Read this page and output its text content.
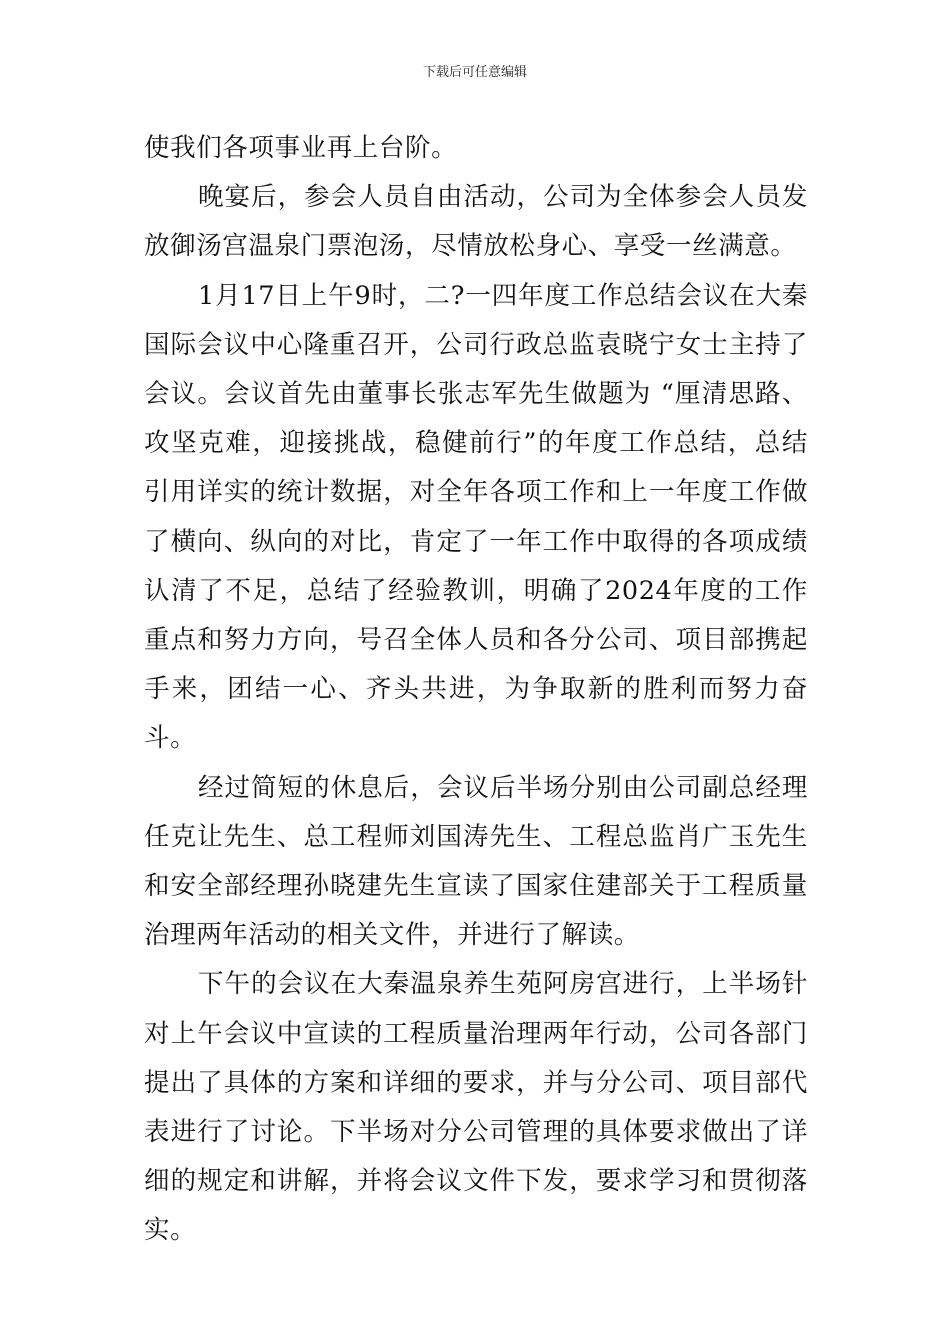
下载后可任意编辑

使我们各项事业再上台阶。

晚宴后，参会人员自由活动，公司为全体参会人员发放御汤宫温泉门票泡汤，尽情放松身心、享受一丝满意。

1月17日上午9时，二?一四年度工作总结会议在大秦国际会议中心隆重召开，公司行政总监袁晓宁女士主持了会议。会议首先由董事长张志军先生做题为 “厘清思路、攻坚克难，迎接挑战，稳健前行”的年度工作总结，总结引用详实的统计数据，对全年各项工作和上一年度工作做了横向、纵向的对比，肯定了一年工作中取得的各项成绩认清了不足，总结了经验教训，明确了2024年度的工作重点和努力方向，号召全体人员和各分公司、项目部携起手来，团结一心、齐头共进，为争取新的胜利而努力奋斗。

经过简短的休息后，会议后半场分别由公司副总经理任克让先生、总工程师刘国涛先生、工程总监肖广玉先生和安全部经理孙晓建先生宣读了国家住建部关于工程质量治理两年活动的相关文件，并进行了解读。

下午的会议在大秦温泉养生苑阿房宫进行，上半场针对上午会议中宣读的工程质量治理两年行动，公司各部门提出了具体的方案和详细的要求，并与分公司、项目部代表进行了讨论。下半场对分公司管理的具体要求做出了详细的规定和讲解，并将会议文件下发，要求学习和贯彻落实。
